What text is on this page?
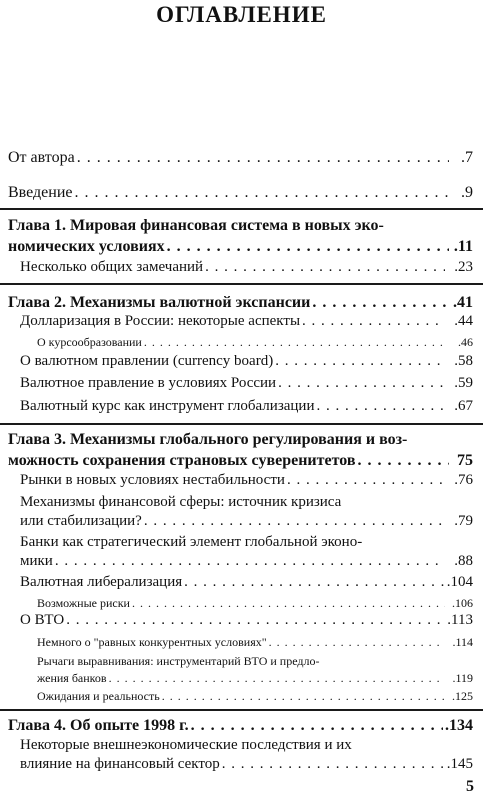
ОГЛАВЛЕНИЕ
От автора . . .	.7
Введение . . .	.9
Глава 1. Мировая финансовая система в новых эко-
номических условиях . . .	.11
Несколько общих замечаний . . .	.23
Глава 2. Механизмы валютной экспансии . . .	.41
Долларизация в России: некоторые аспекты . . .	.44
О курсообразовании . . .	.46
О валютном правлении (currency board) . . .	.58
Валютное правление в условиях России . . .	.59
Валютный курс как инструмент глобализации . . .	.67
Глава 3. Механизмы глобального регулирования и воз-
можность сохранения страновых суверенитетов . . .	75
Рынки в новых условиях нестабильности . . .	.76
Механизмы финансовой сферы: источник кризиса
или стабилизации? . . .	.79
Банки как стратегический элемент глобальной эконо-
мики . . .	.88
Валютная либерализация . . .	.104
Возможные риски . . .	.106
О ВТО . . .	.113
Немного о "равных конкурентных условиях" . . .	.114
Рычаги выравнивания: инструментарий ВТО и предло-
жения банков . . .	.119
Ожидания и реальность . . .	.125
Глава 4. Об опыте 1998 г. . . .	.134
Некоторые внешнеэкономические последствия и их
влияние на финансовый сектор . . .	.145
5
